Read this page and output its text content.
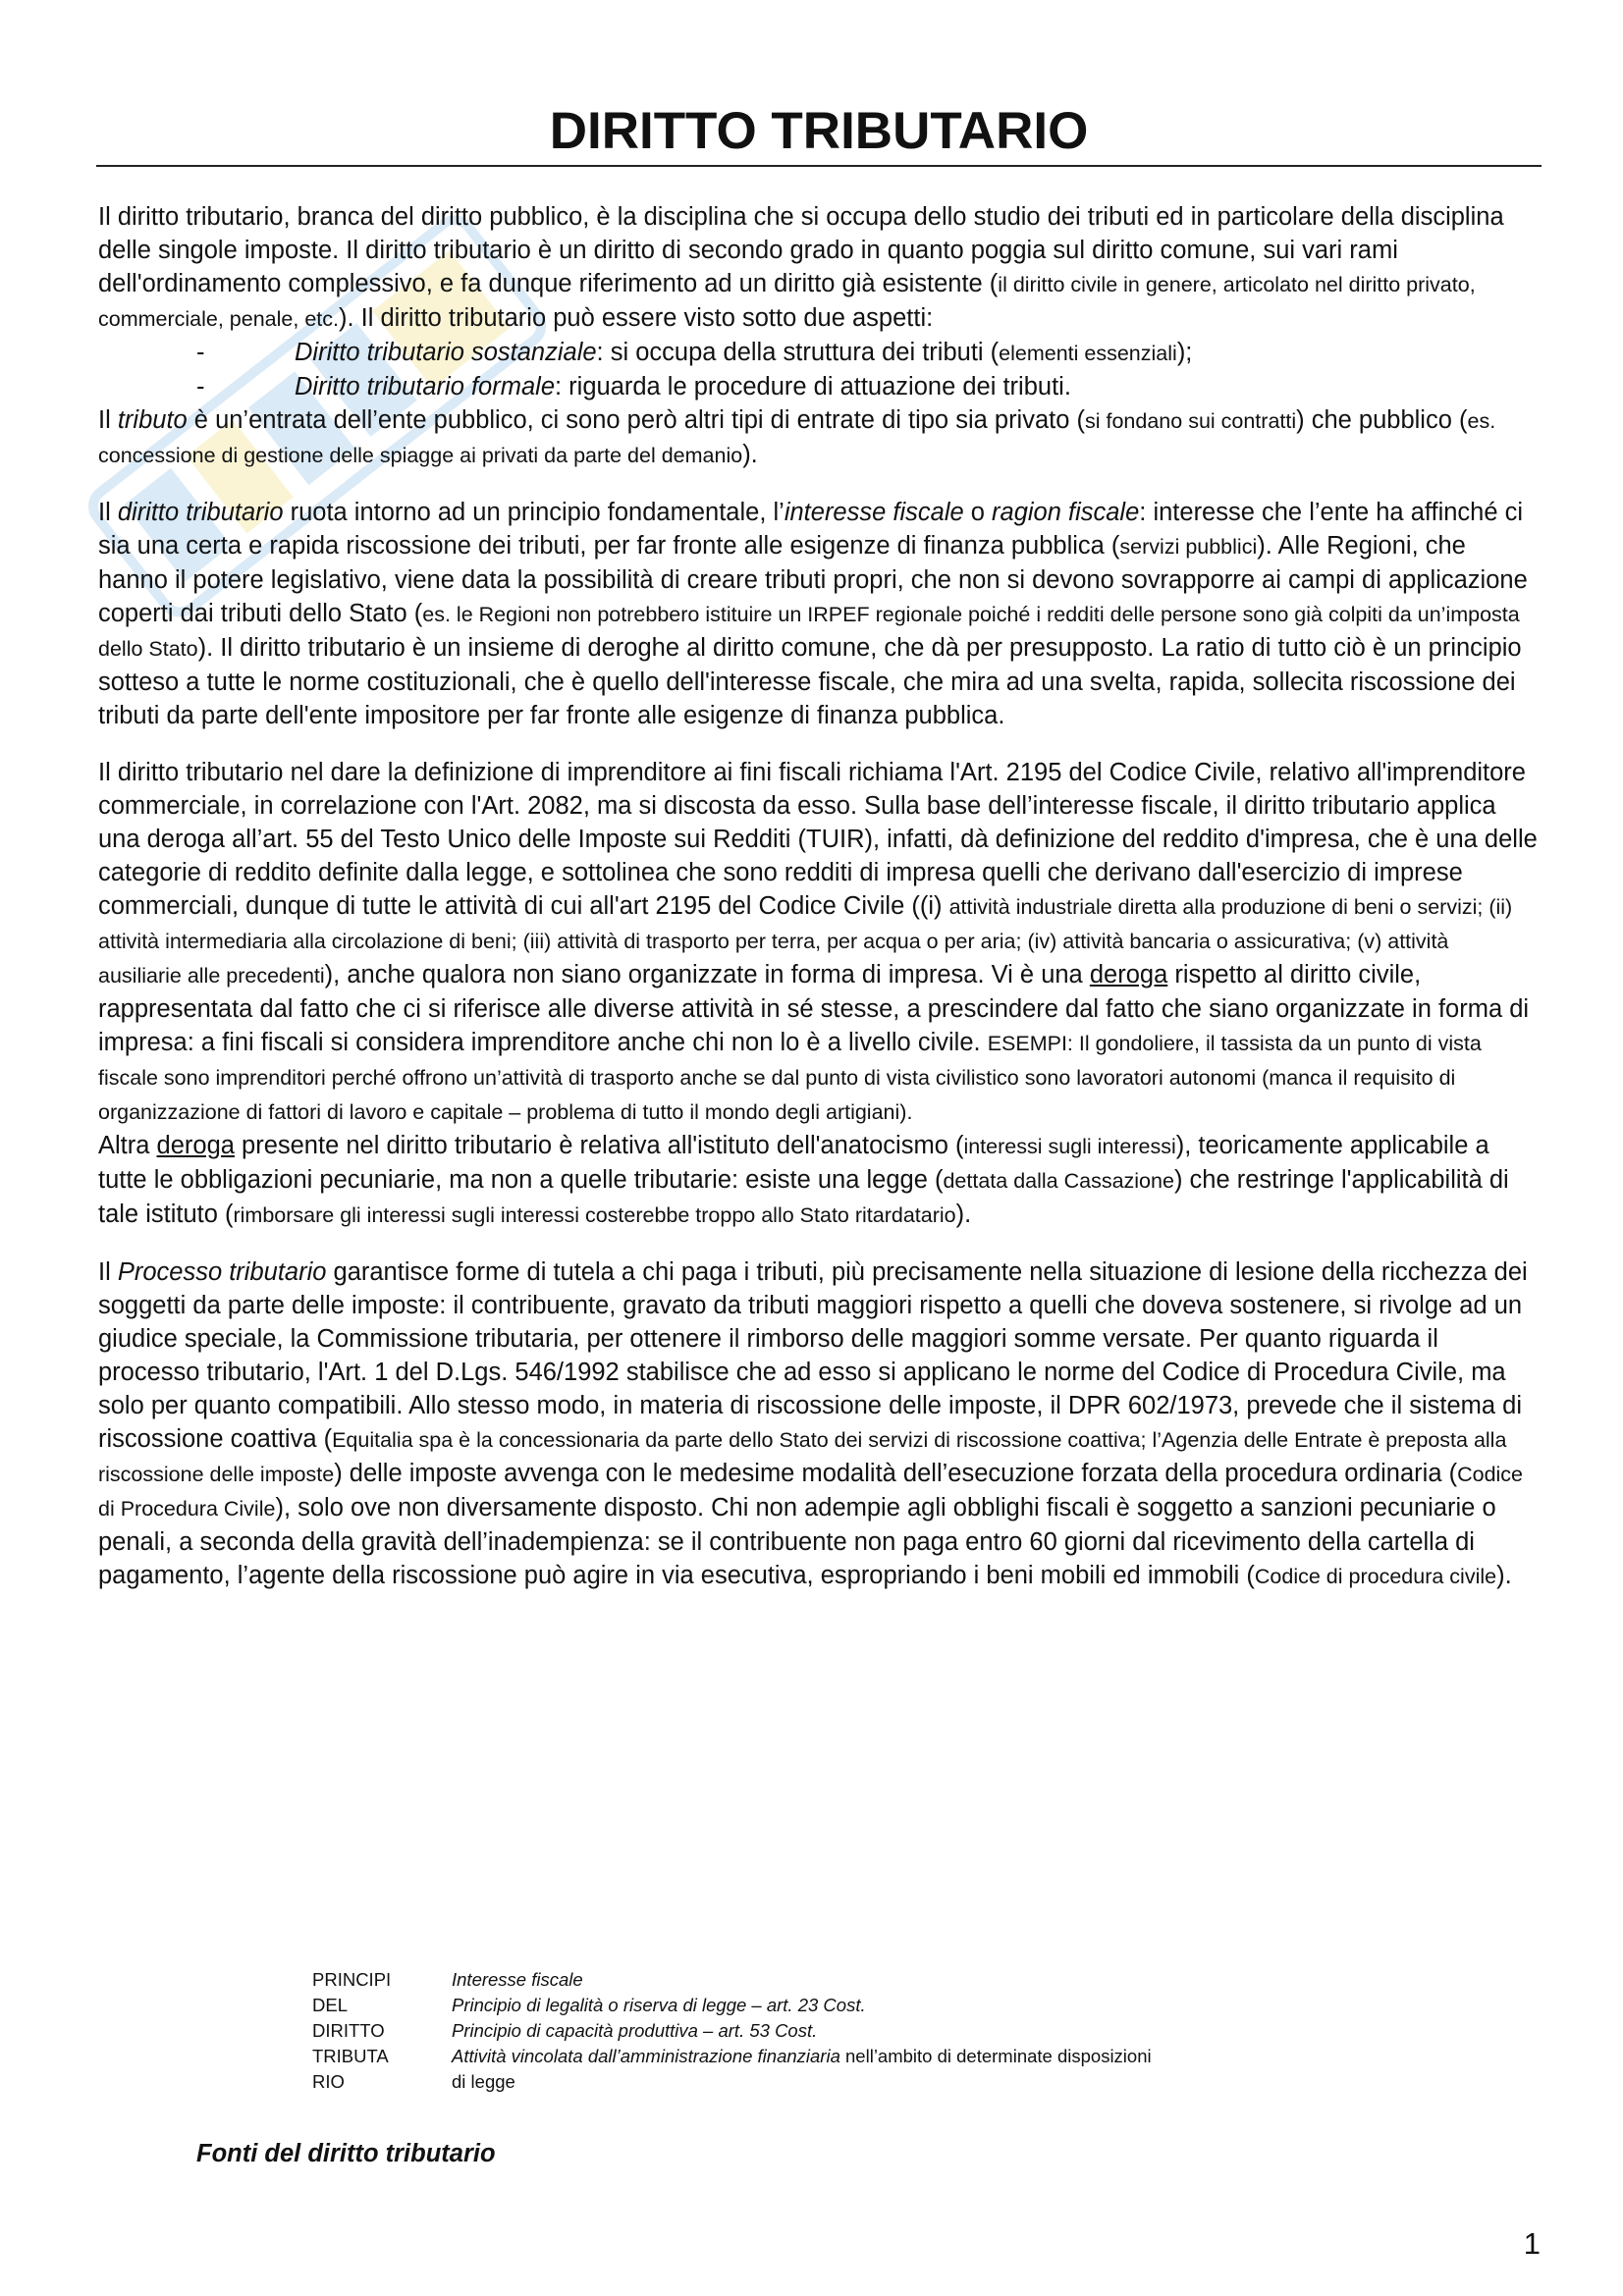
DIRITTO TRIBUTARIO

Il diritto tributario, branca del diritto pubblico, è la disciplina che si occupa dello studio dei tributi ed in particolare della disciplina delle singole imposte. Il diritto tributario è un diritto di secondo grado in quanto poggia sul diritto comune, sui vari rami dell'ordinamento complessivo, e fa dunque riferimento ad un diritto già esistente (il diritto civile in genere, articolato nel diritto privato, commerciale, penale, etc.). Il diritto tributario può essere visto sotto due aspetti:

-	Diritto tributario sostanziale: si occupa della struttura dei tributi (elementi essenziali);

-	Diritto tributario formale: riguarda le procedure di attuazione dei tributi.

Il tributo è un’entrata dell’ente pubblico, ci sono però altri tipi di entrate di tipo sia privato (si fondano sui contratti) che pubblico (es. concessione di gestione delle spiagge ai privati da parte del demanio).

Il diritto tributario ruota intorno ad un principio fondamentale, l’interesse fiscale o ragion fiscale: interesse che l’ente ha affinché ci sia una certa e rapida riscossione dei tributi, per far fronte alle esigenze di finanza pubblica (servizi pubblici). Alle Regioni, che hanno il potere legislativo, viene data la possibilità di creare tributi propri, che non si devono sovrapporre ai campi di applicazione coperti dai tributi dello Stato (es. le Regioni non potrebbero istituire un IRPEF regionale poiché i redditi delle persone sono già colpiti da un’imposta dello Stato). Il diritto tributario è un insieme di deroghe al diritto comune, che dà per presupposto. La ratio di tutto ciò è un principio sotteso a tutte le norme costituzionali, che è quello dell'interesse fiscale, che mira ad una svelta, rapida, sollecita riscossione dei tributi da parte dell'ente impositore per far fronte alle esigenze di finanza pubblica.

Il diritto tributario nel dare la definizione di imprenditore ai fini fiscali richiama l'Art. 2195 del Codice Civile, relativo all'imprenditore commerciale, in correlazione con l'Art. 2082, ma si discosta da esso. Sulla base dell’interesse fiscale, il diritto tributario applica una deroga all’art. 55 del Testo Unico delle Imposte sui Redditi (TUIR), infatti, dà definizione del reddito d'impresa, che è una delle categorie di reddito definite dalla legge, e sottolinea che sono redditi di impresa quelli che derivano dall'esercizio di imprese commerciali, dunque di tutte le attività di cui all'art 2195 del Codice Civile ((i) attività industriale diretta alla produzione di beni o servizi; (ii) attività intermediaria alla circolazione di beni; (iii) attività di trasporto per terra, per acqua o per aria; (iv) attività bancaria o assicurativa; (v) attività ausiliarie alle precedenti), anche qualora non siano organizzate in forma di impresa. Vi è una deroga rispetto al diritto civile, rappresentata dal fatto che ci si riferisce alle diverse attività in sé stesse, a prescindere dal fatto che siano organizzate in forma di impresa: a fini fiscali si considera imprenditore anche chi non lo è a livello civile. ESEMPI: Il gondoliere, il tassista da un punto di vista fiscale sono imprenditori perché offrono un’attività di trasporto anche se dal punto di vista civilistico sono lavoratori autonomi (manca il requisito di organizzazione di fattori di lavoro e capitale – problema di tutto il mondo degli artigiani).

Altra deroga presente nel diritto tributario è relativa all'istituto dell'anatocismo (interessi sugli interessi), teoricamente applicabile a tutte le obbligazioni pecuniarie, ma non a quelle tributarie: esiste una legge (dettata dalla Cassazione) che restringe l'applicabilità di tale istituto (rimborsare gli interessi sugli interessi costerebbe troppo allo Stato ritardatario).

Il Processo tributario garantisce forme di tutela a chi paga i tributi, più precisamente nella situazione di lesione della ricchezza dei soggetti da parte delle imposte: il contribuente, gravato da tributi maggiori rispetto a quelli che doveva sostenere, si rivolge ad un giudice speciale, la Commissione tributaria, per ottenere il rimborso delle maggiori somme versate. Per quanto riguarda il processo tributario, l'Art. 1 del D.Lgs. 546/1992 stabilisce che ad esso si applicano le norme del Codice di Procedura Civile, ma solo per quanto compatibili. Allo stesso modo, in materia di riscossione delle imposte, il DPR 602/1973, prevede che il sistema di riscossione coattiva (Equitalia spa è la concessionaria da parte dello Stato dei servizi di riscossione coattiva; l’Agenzia delle Entrate è preposta alla riscossione delle imposte) delle imposte avvenga con le medesime modalità dell’esecuzione forzata della procedura ordinaria (Codice di Procedura Civile), solo ove non diversamente disposto. Chi non adempie agli obblighi fiscali è soggetto a sanzioni pecuniarie o penali, a seconda della gravità dell’inadempienza: se il contribuente non paga entro 60 giorni dal ricevimento della cartella di pagamento, l’agente della riscossione può agire in via esecutiva, espropriando i beni mobili ed immobili (Codice di procedura civile).

PRINCIPI	Interesse fiscale
DEL	Principio di legalità o riserva di legge – art. 23 Cost.
DIRITTO	Principio di capacità produttiva – art. 53 Cost.
TRIBUTA	Attività vincolata dall’amministrazione finanziaria nell’ambito di determinate disposizioni
RIO	di legge

Fonti del diritto tributario

1
